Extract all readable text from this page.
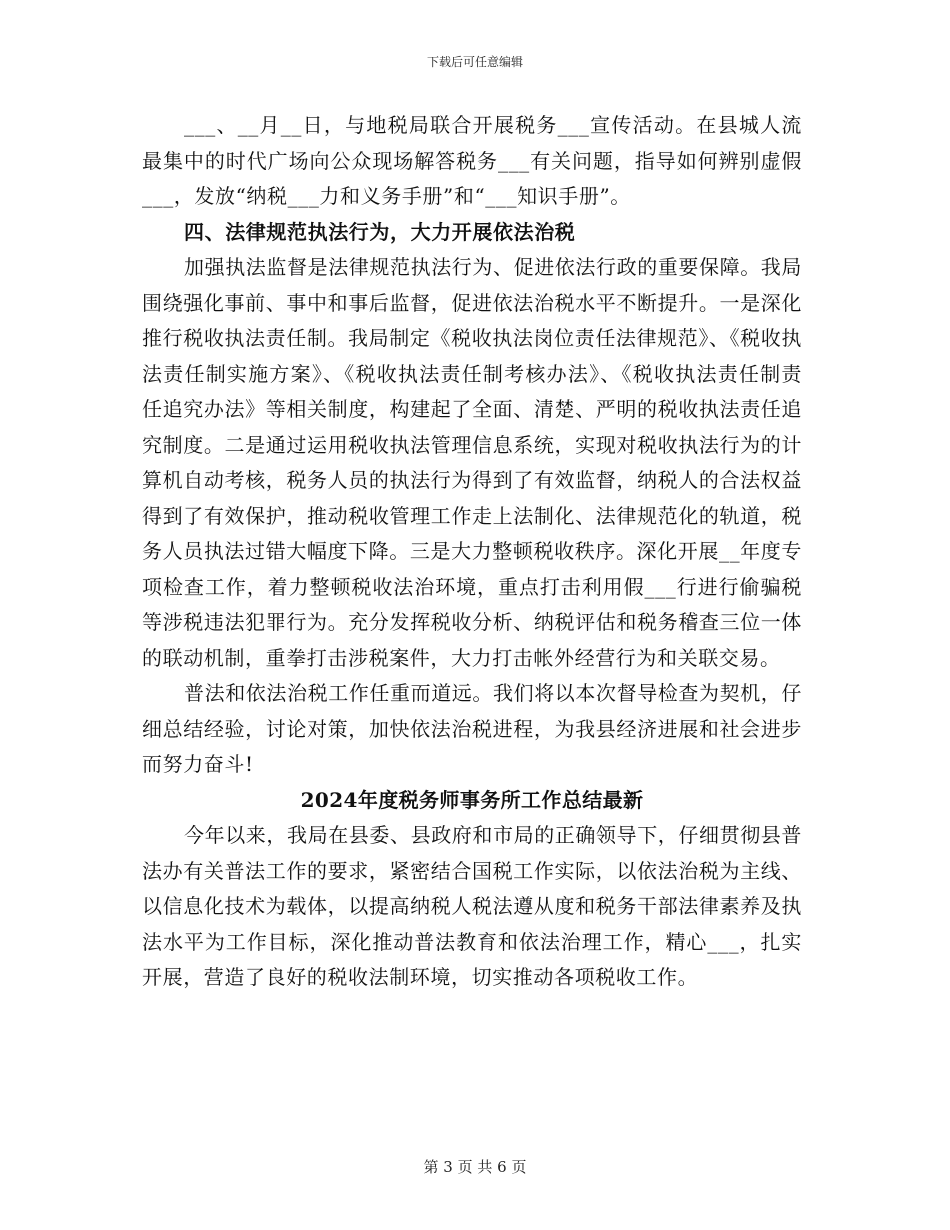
下载后可任意编辑

___、__月__日，与地税局联合开展税务___宣传活动。在县城人流最集中的时代广场向公众现场解答税务___有关问题，指导如何辨别虚假___，发放“纳税___力和义务手册”和“___知识手册”。

四、法律规范执法行为，大力开展依法治税

加强执法监督是法律规范执法行为、促进依法行政的重要保障。我局围绕强化事前、事中和事后监督，促进依法治税水平不断提升。一是深化推行税收执法责任制。我局制定《税收执法岗位责任法律规范》、《税收执法责任制实施方案》、《税收执法责任制考核办法》、《税收执法责任制责任追究办法》等相关制度，构建起了全面、清楚、严明的税收执法责任追究制度。二是通过运用税收执法管理信息系统，实现对税收执法行为的计算机自动考核，税务人员的执法行为得到了有效监督，纳税人的合法权益得到了有效保护，推动税收管理工作走上法制化、法律规范化的轨道，税务人员执法过错大幅度下降。三是大力整顿税收秩序。深化开展__年度专项检查工作，着力整顿税收法治环境，重点打击利用假___行进行偷骗税等涉税违法犯罪行为。充分发挥税收分析、纳税评估和税务稽查三位一体的联动机制，重拳打击涉税案件，大力打击帐外经营行为和关联交易。

普法和依法治税工作任重而道远。我们将以本次督导检查为契机，仔细总结经验，讨论对策，加快依法治税进程，为我县经济进展和社会进步而努力奋斗!

2024年度税务师事务所工作总结最新

今年以来，我局在县委、县政府和市局的正确领导下，仔细贯彻县普法办有关普法工作的要求，紧密结合国税工作实际，以依法治税为主线、以信息化技术为载体，以提高纳税人税法遵从度和税务干部法律素养及执法水平为工作目标，深化推动普法教育和依法治理工作，精心___，扎实开展，营造了良好的税收法制环境，切实推动各项税收工作。

第 3 页 共 6 页
